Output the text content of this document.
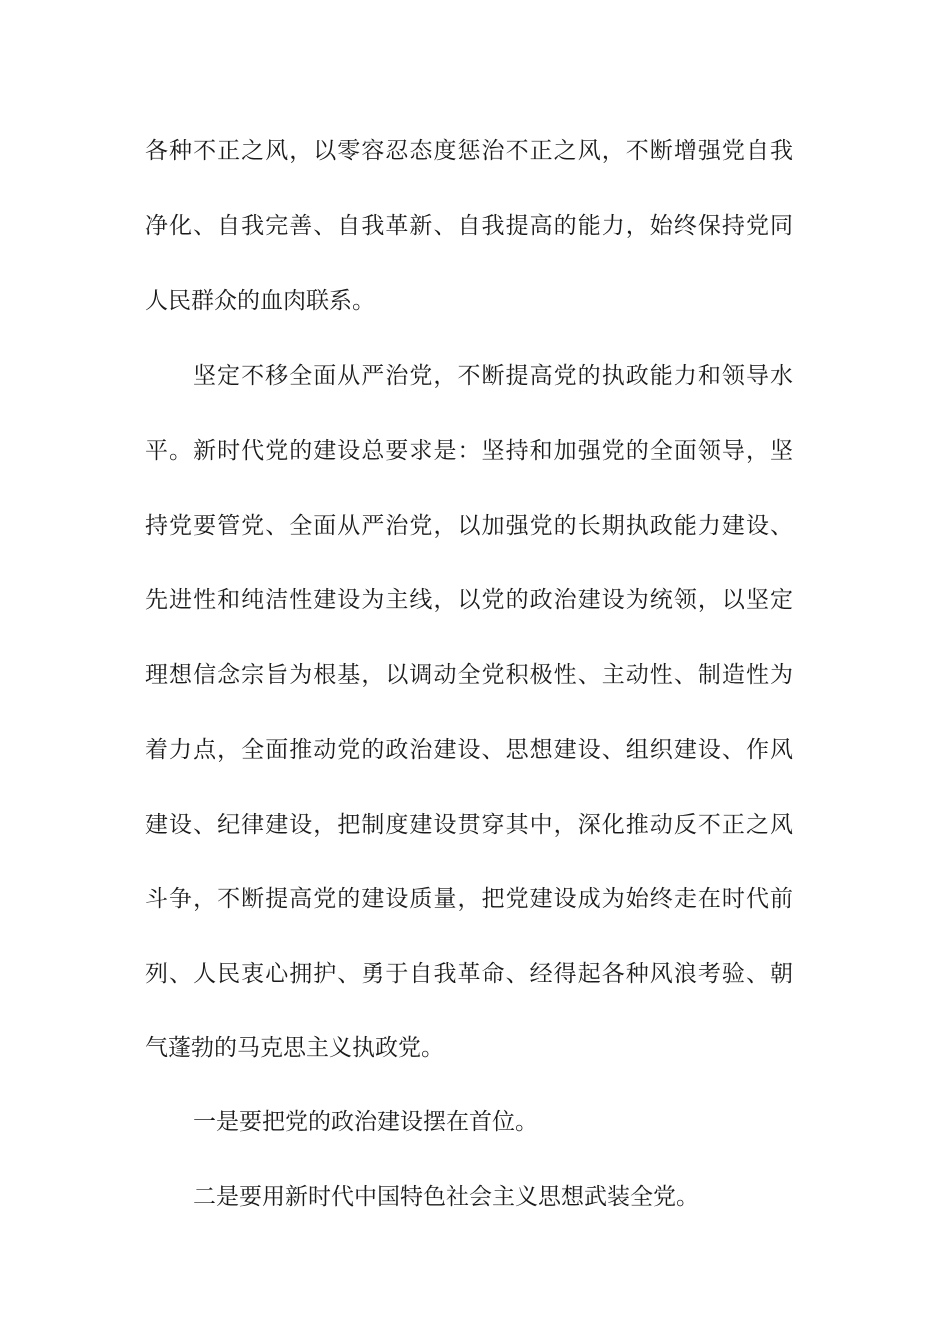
各种不正之风，以零容忍态度惩治不正之风，不断增强党自我
净化、自我完善、自我革新、自我提高的能力，始终保持党同
人民群众的血肉联系。
坚定不移全面从严治党，不断提高党的执政能力和领导水
平。新时代党的建设总要求是：坚持和加强党的全面领导，坚
持党要管党、全面从严治党，以加强党的长期执政能力建设、
先进性和纯洁性建设为主线，以党的政治建设为统领，以坚定
理想信念宗旨为根基，以调动全党积极性、主动性、制造性为
着力点，全面推动党的政治建设、思想建设、组织建设、作风
建设、纪律建设，把制度建设贯穿其中，深化推动反不正之风
斗争，不断提高党的建设质量，把党建设成为始终走在时代前
列、人民衷心拥护、勇于自我革命、经得起各种风浪考验、朝
气蓬勃的马克思主义执政党。
一是要把党的政治建设摆在首位。
二是要用新时代中国特色社会主义思想武装全党。
